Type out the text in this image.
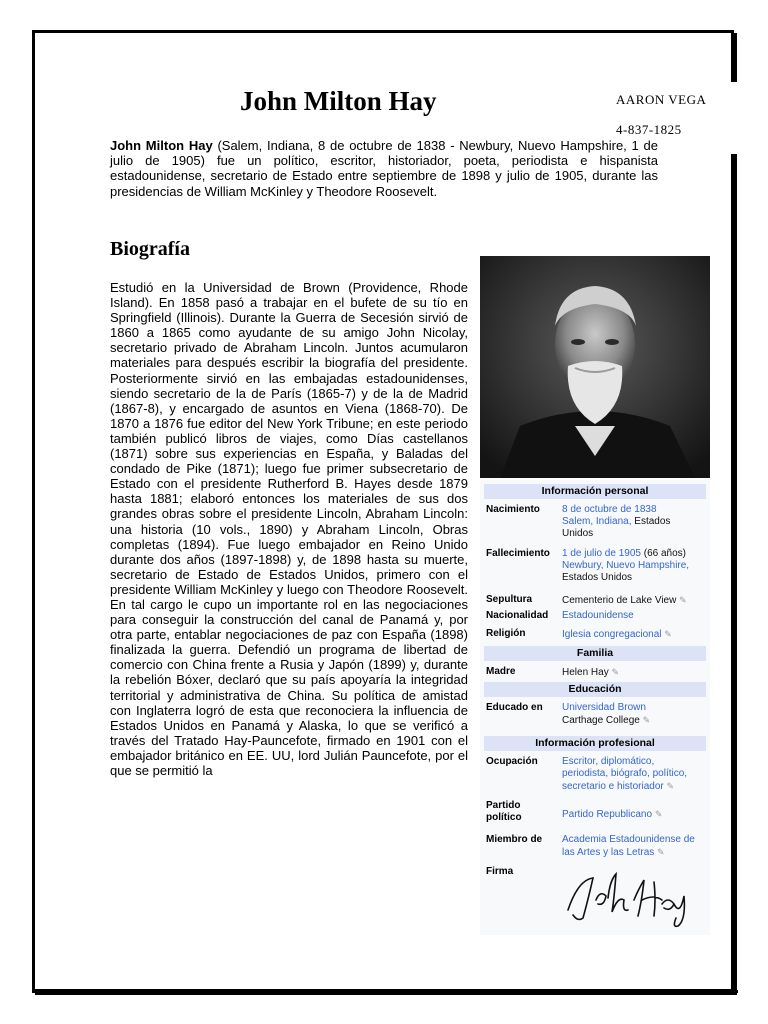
AARON VEGA
4-837-1825
John Milton Hay
John Milton Hay (Salem, Indiana, 8 de octubre de 1838 - Newbury, Nuevo Hampshire, 1 de julio de 1905) fue un político, escritor, historiador, poeta, periodista e hispanista estadounidense, secretario de Estado entre septiembre de 1898 y julio de 1905, durante las presidencias de William McKinley y Theodore Roosevelt.
Biografía
Estudió en la Universidad de Brown (Providence, Rhode Island). En 1858 pasó a trabajar en el bufete de su tío en Springfield (Illinois). Durante la Guerra de Secesión sirvió de 1860 a 1865 como ayudante de su amigo John Nicolay, secretario privado de Abraham Lincoln. Juntos acumularon materiales para después escribir la biografía del presidente. Posteriormente sirvió en las embajadas estadounidenses, siendo secretario de la de París (1865-7) y de la de Madrid (1867-8), y encargado de asuntos en Viena (1868-70). De 1870 a 1876 fue editor del New York Tribune; en este periodo también publicó libros de viajes, como Días castellanos (1871) sobre sus experiencias en España, y Baladas del condado de Pike (1871); luego fue primer subsecretario de Estado con el presidente Rutherford B. Hayes desde 1879 hasta 1881; elaboró entonces los materiales de sus dos grandes obras sobre el presidente Lincoln, Abraham Lincoln: una historia (10 vols., 1890) y Abraham Lincoln, Obras completas (1894). Fue luego embajador en Reino Unido durante dos años (1897-1898) y, de 1898 hasta su muerte, secretario de Estado de Estados Unidos, primero con el presidente William McKinley y luego con Theodore Roosevelt. En tal cargo le cupo un importante rol en las negociaciones para conseguir la construcción del canal de Panamá y, por otra parte, entablar negociaciones de paz con España (1898) finalizada la guerra. Defendió un programa de libertad de comercio con China frente a Rusia y Japón (1899) y, durante la rebelión Bóxer, declaró que su país apoyaría la integridad territorial y administrativa de China. Su política de amistad con Inglaterra logró de esta que reconociera la influencia de Estados Unidos en Panamá y Alaska, lo que se verificó a través del Tratado Hay-Pauncefote, firmado en 1901 con el embajador británico en EE. UU, lord Julián Pauncefote, por el que se permitió la
Información personal
Nacimiento	8 de octubre de 1838
Salem, Indiana, Estados
Unidos
Fallecimiento	1 de julio de 1905 (66 años)
Newbury, Nuevo Hampshire,
Estados Unidos
Sepultura	Cementerio de Lake View ✎
Nacionalidad	Estadounidense
Religión	Iglesia congregacional ✎
Familia
Madre	Helen Hay ✎
Educación
Educado en	Universidad Brown
Carthage College ✎
Información profesional
Ocupación	Escritor, diplomático,
periodista, biógrafo, político,
secretario e historiador ✎
Partido
político	Partido Republicano ✎
Miembro de	Academia Estadounidense de
las Artes y las Letras ✎
Firma
